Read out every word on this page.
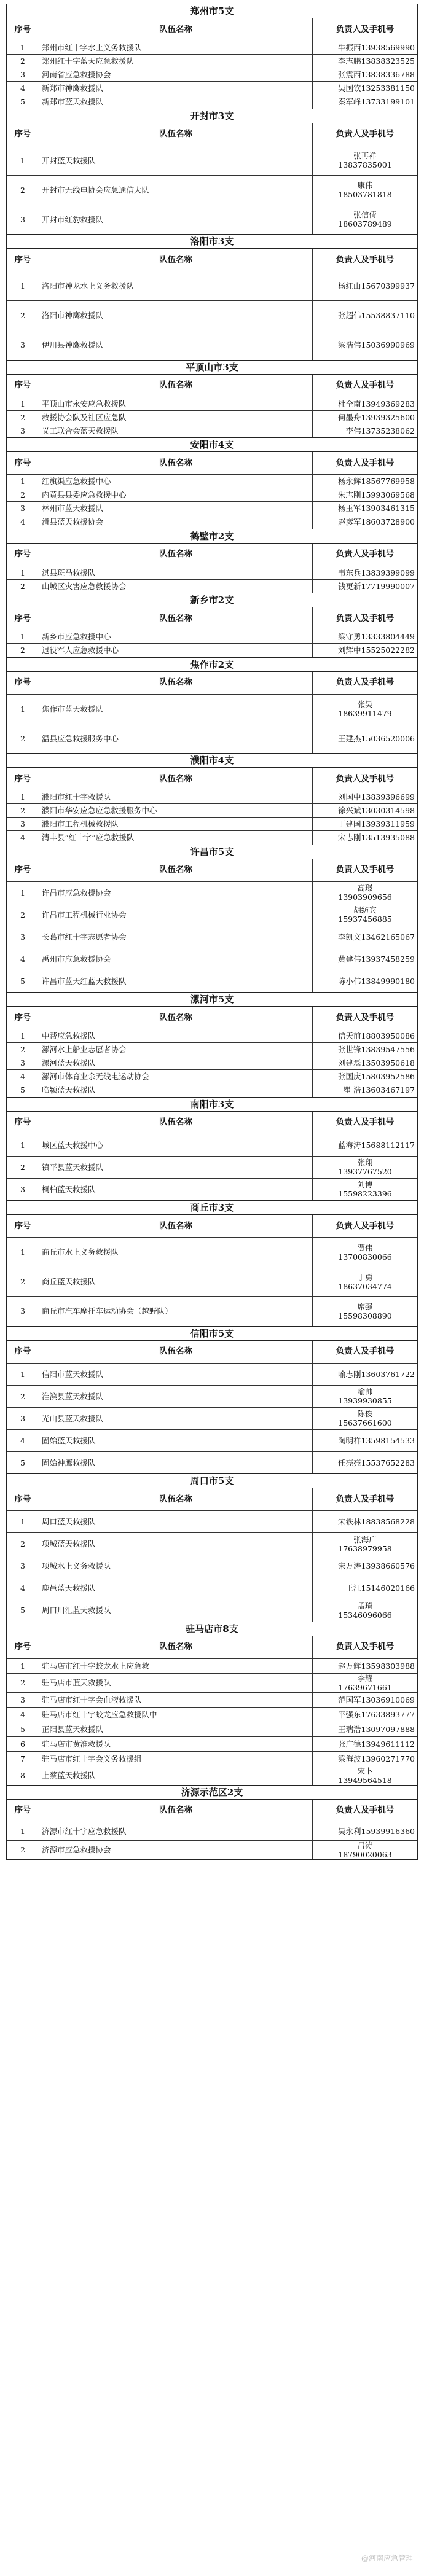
郑州市5支
序号	队伍名称	负责人及手机号
1	郑州市红十字水上义务救援队	牛振西13938569990
2	郑州红十字蓝天应急救援队	李志鹏13838323525
3	河南省应急救援协会	张震西13838336788
4	新郑市神鹰救援队	吴国钦13253381150
5	新郑市蓝天救援队	秦军峰13733199101
开封市3支
序号	队伍名称	负责人及手机号
1	开封蓝天救援队	张再祥
13837835001
2	开封市无线电协会应急通信大队	康伟
18503781818
3	开封市红豹救援队	张信倩
18603789489
洛阳市3支
序号	队伍名称	负责人及手机号
1	洛阳市神龙水上义务救援队	杨红山15670399937
2	洛阳市神鹰救援队	张超伟15538837110
3	伊川县神鹰救援队	梁浩伟15036990969
平顶山市3支
序号	队伍名称	负责人及手机号
1	平顶山市永安应急救援队	杜全南13949369283
2	救援协会队及社区应急队	何墨舟13939325600
3	义工联合会蓝天救援队	李伟13735238062
安阳市4支
序号	队伍名称	负责人及手机号
1	红旗渠应急救援中心	杨永辉18567769958
2	内黄县县委应急救援中心	朱志刚15993069568
3	林州市蓝天救援队	杨玉军13903461315
4	滑县蓝天救援协会	赵彦军18603728900
鹤壁市2支
序号	队伍名称	负责人及手机号
1	淇县斑马救援队	韦东兵13839399099
2	山城区灾害应急救援协会	钱更新17719990007
新乡市2支
序号	队伍名称	负责人及手机号
1	新乡市应急救援中心	梁守勇13333804449
2	退役军人应急救援中心	刘辉中15525022282
焦作市2支
序号	队伍名称	负责人及手机号
1	焦作市蓝天救援队	张昊
18639911479
2	温县应急救援服务中心	王建杰15036520006
濮阳市4支
序号	队伍名称	负责人及手机号
1	濮阳市红十字救援队	刘国中13839396699
2	濮阳市华安应急应急救援服务中心	徐兴斌13030314598
3	濮阳市工程机械救援队	丁建国13939311959
4	清丰县“红十字”应急救援队	宋志刚13513935088
许昌市5支
序号	队伍名称	负责人及手机号
1	许昌市应急救援协会	高璟
13903909656
2	许昌市工程机械行业协会	胡纺宾
15937456885
3	长葛市红十字志愿者协会	李凯文13462165067
4	禹州市应急救援协会	黄建伟13937458259
5	许昌市蓝天红蓝天救援队	陈小伟13849990180
漯河市5支
序号	队伍名称	负责人及手机号
1	中帮应急救援队	信天前18803950086
2	漯河水上船业志愿者协会	张世锋13839547556
3	漯河蓝天救援队	刘建磊13503950618
4	漯河市体育业余无线电运动协会	张国庆15803952586
5	临颍蓝天救援队	瞿 浩13603467197
南阳市3支
序号	队伍名称	负责人及手机号
1	城区蓝天救援中心	蓝海涛15688112117
2	镇平县蓝天救援队	张翔
13937767520
3	桐柏蓝天救援队	刘博
15598223396
商丘市3支
序号	队伍名称	负责人及手机号
1	商丘市水上义务救援队	贾伟
13700830066
2	商丘蓝天救援队	丁勇
18637034774
3	商丘市汽车摩托车运动协会（越野队）	席强
15598308890
信阳市5支
序号	队伍名称	负责人及手机号
1	信阳市蓝天救援队	喻志刚13603761722
2	淮滨县蓝天救援队	喻帅
13939930855
3	光山县蓝天救援队	陈俊
15637661600
4	固始蓝天救援队	陶明祥13598154533
5	固始神鹰救援队	任亮亮15537652283
周口市5支
序号	队伍名称	负责人及手机号
1	周口蓝天救援队	宋铁林18838568228
2	项城蓝天救援队	张海广
17638979958
3	项城水上义务救援队	宋万涛13938660576
4	鹿邑蓝天救援队	王江15146020166
5	周口川汇蓝天救援队	孟琦
15346096066
驻马店市8支
序号	队伍名称	负责人及手机号
1	驻马店市红十字蛟龙水上应急救	赵万辉13598303988
2	驻马店市蓝天救援队	李耀
17639671661
3	驻马店市红十字会血液救援队	范国军13036910069
4	驻马店市红十字蛟龙应急救援队中	平强东17633893777
5	正阳县蓝天救援队	王瑞浩13097097888
6	驻马店市黄淮救援队	张广德13949611112
7	驻马店市红十字会义务救援组	梁海波13960271770
8	上蔡蓝天救援队	宋卜
13949564518
济源示范区2支
序号	队伍名称	负责人及手机号
1	济源市红十字应急救援队	吴永利15939916360
2	济源市应急救援协会	吕涛
18790020063
@河南应急管理
